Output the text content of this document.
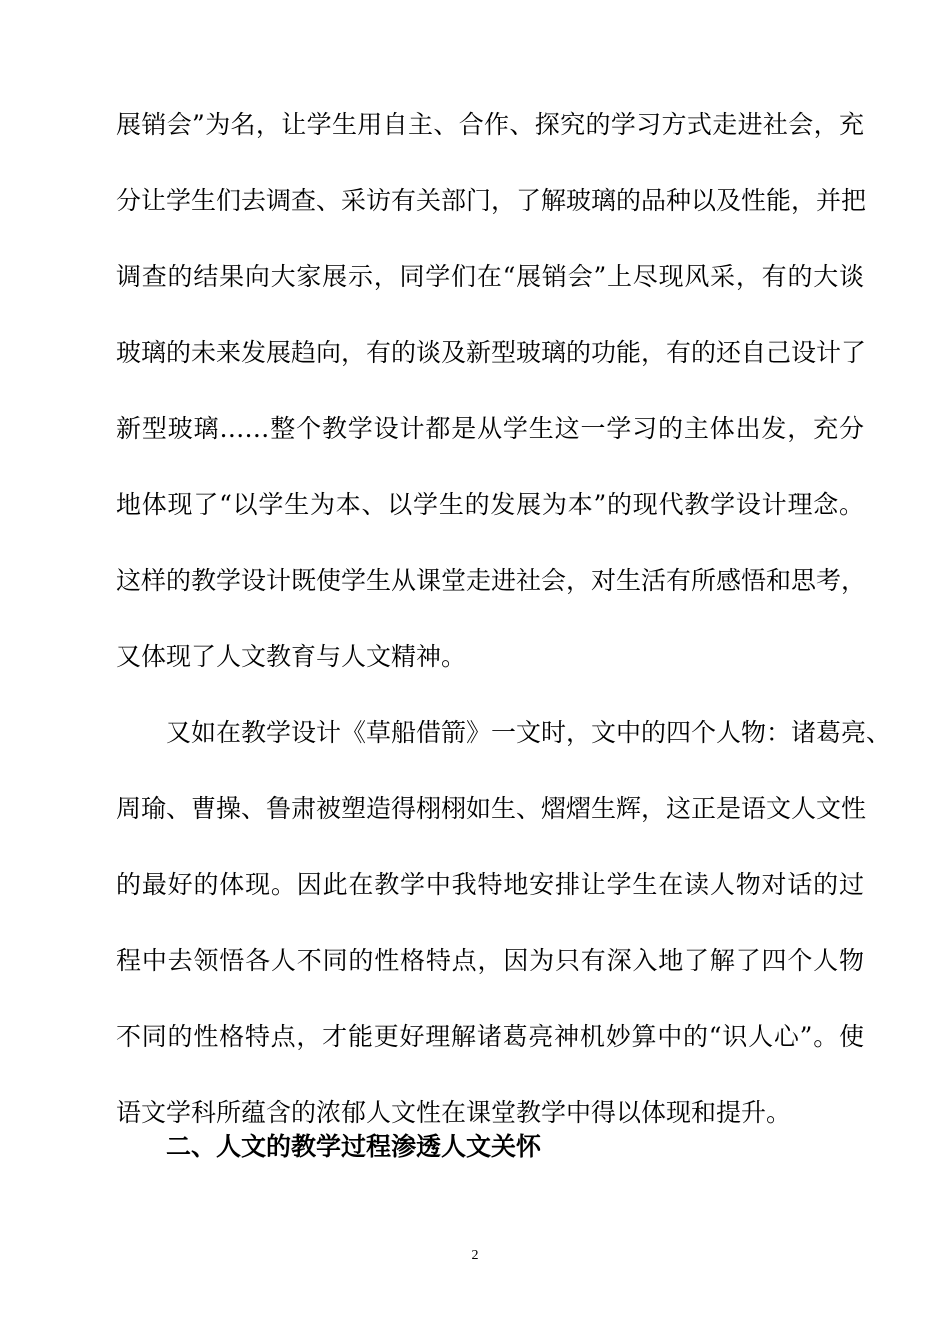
展销会”为名，让学生用自主、合作、探究的学习方式走进社会，充
分让学生们去调查、采访有关部门，了解玻璃的品种以及性能，并把
调查的结果向大家展示，同学们在“展销会”上尽现风采，有的大谈
玻璃的未来发展趋向，有的谈及新型玻璃的功能，有的还自己设计了
新型玻璃……整个教学设计都是从学生这一学习的主体出发，充分
地体现了“以学生为本、以学生的发展为本”的现代教学设计理念。
这样的教学设计既使学生从课堂走进社会，对生活有所感悟和思考，
又体现了人文教育与人文精神。
又如在教学设计《草船借箭》一文时，文中的四个人物：诸葛亮、
周瑜、曹操、鲁肃被塑造得栩栩如生、熠熠生辉，这正是语文人文性
的最好的体现。因此在教学中我特地安排让学生在读人物对话的过
程中去领悟各人不同的性格特点，因为只有深入地了解了四个人物
不同的性格特点，才能更好理解诸葛亮神机妙算中的“识人心”。使
语文学科所蕴含的浓郁人文性在课堂教学中得以体现和提升。
二、人文的教学过程渗透人文关怀
2
